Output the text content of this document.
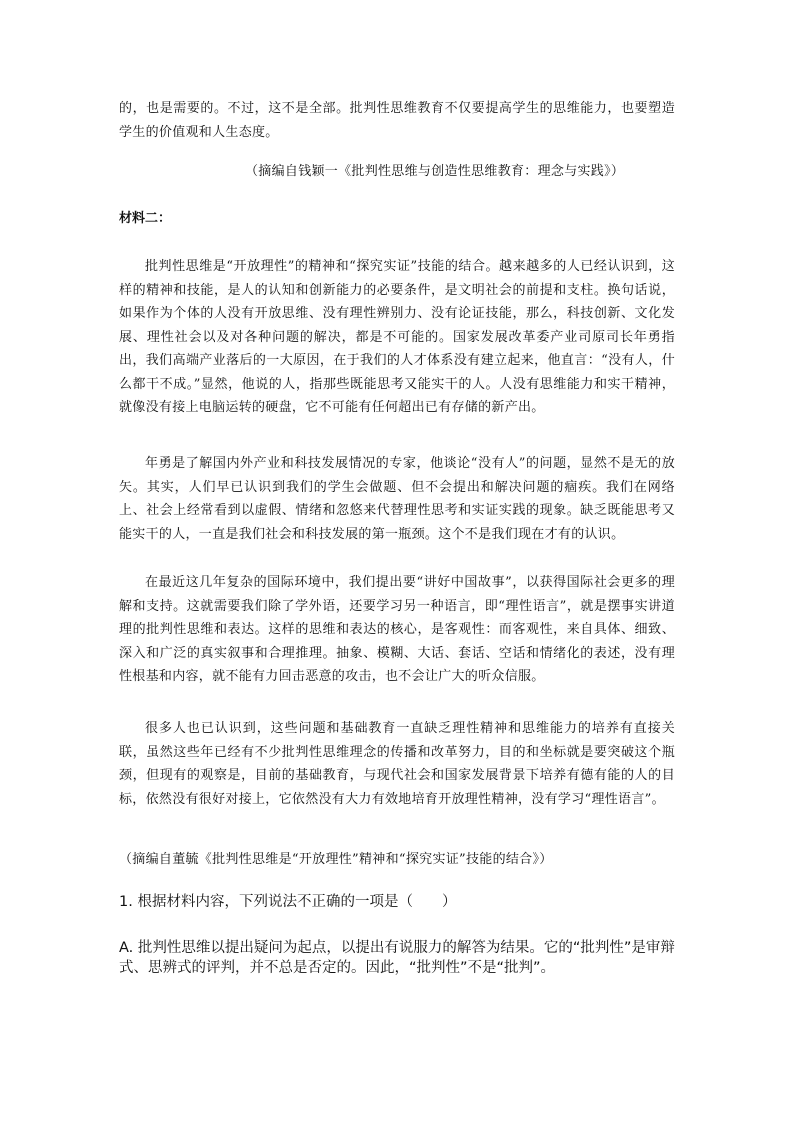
的，也是需要的。不过，这不是全部。批判性思维教育不仅要提高学生的思维能力，也要塑造学生的价值观和人生态度。

（摘编自钱颖一《批判性思维与创造性思维教育：理念与实践》）
材料二：

批判性思维是“开放理性”的精神和“探究实证”技能的结合。越来越多的人已经认识到，这样的精神和技能，是人的认知和创新能力的必要条件，是文明社会的前提和支柱。换句话说，如果作为个体的人没有开放思维、没有理性辨别力、没有论证技能，那么，科技创新、文化发展、理性社会以及对各种问题的解决，都是不可能的。国家发展改革委产业司原司长年勇指出，我们高端产业落后的一大原因，在于我们的人才体系没有建立起来，他直言：“没有人，什么都干不成。”显然，他说的人，指那些既能思考又能实干的人。人没有思维能力和实干精神，就像没有接上电脑运转的硬盘，它不可能有任何超出已有存储的新产出。

年勇是了解国内外产业和科技发展情况的专家，他谈论“没有人”的问题，显然不是无的放矢。其实，人们早已认识到我们的学生会做题、但不会提出和解决问题的痼疾。我们在网络上、社会上经常看到以虚假、情绪和忽悠来代替理性思考和实证实践的现象。缺乏既能思考又能实干的人，一直是我们社会和科技发展的第一瓶颈。这个不是我们现在才有的认识。

在最近这几年复杂的国际环境中，我们提出要“讲好中国故事”，以获得国际社会更多的理解和支持。这就需要我们除了学外语，还要学习另一种语言，即“理性语言”，就是摆事实讲道理的批判性思维和表达。这样的思维和表达的核心，是客观性：而客观性，来自具体、细致、深入和广泛的真实叙事和合理推理。抽象、模糊、大话、套话、空话和情绪化的表述，没有理性根基和内容，就不能有力回击恶意的攻击，也不会让广大的听众信服。

很多人也已认识到，这些问题和基础教育一直缺乏理性精神和思维能力的培养有直接关联，虽然这些年已经有不少批判性思维理念的传播和改革努力，目的和坐标就是要突破这个瓶颈，但现有的观察是，目前的基础教育，与现代社会和国家发展背景下培养有德有能的人的目标，依然没有很好对接上，它依然没有大力有效地培育开放理性精神，没有学习“理性语言”。

（摘编自董毓《批判性思维是“开放理性”精神和“探究实证”技能的结合》）
1. 根据材料内容，下列说法不正确的一项是（　　）

A. 批判性思维以提出疑问为起点，以提出有说服力的解答为结果。它的“批判性”是审辩式、思辨式的评判，并不总是否定的。因此，“批判性”不是“批判”。
